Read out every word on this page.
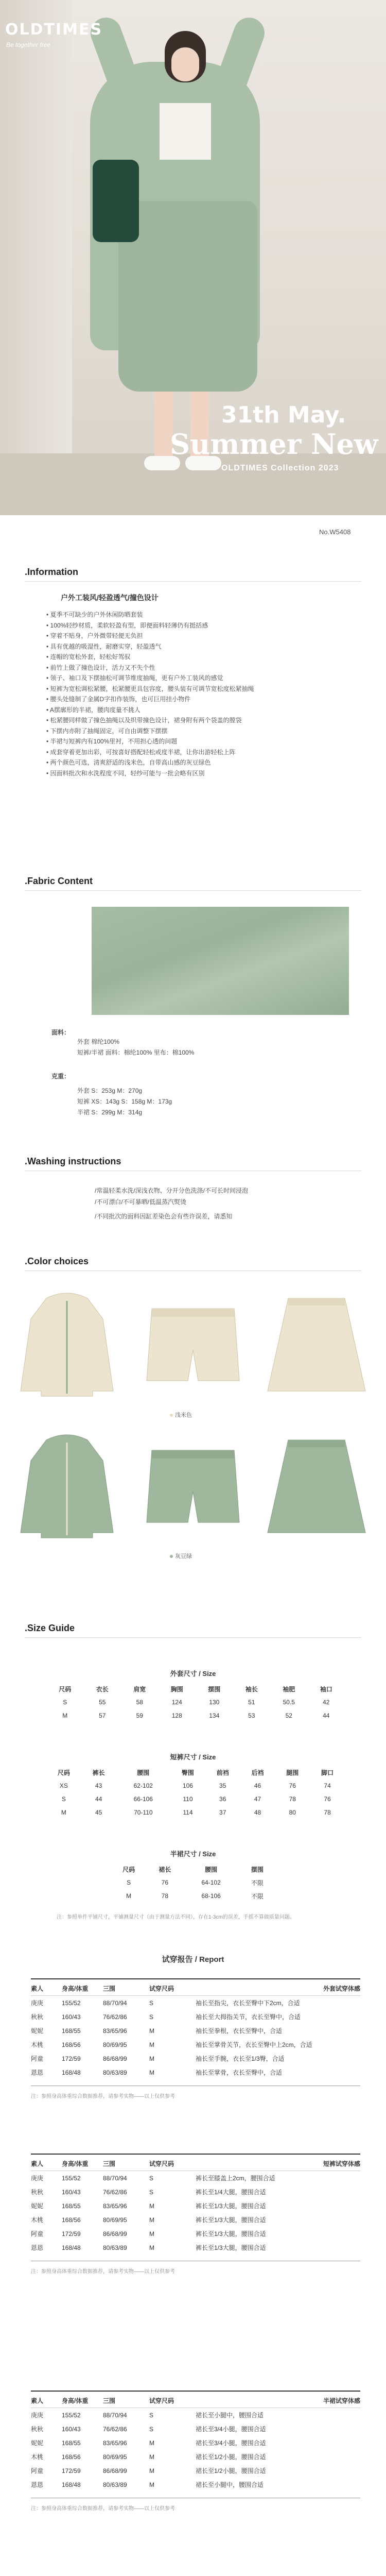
OLDTIMES
Be together free
31th May.
Summer New
OLDTIMES Collection 2023
No.W5408
.Information
户外工装风/轻盈透气/撞色设计
• 夏季不可缺少的户外休闲防晒套装
• 100%轻纱材质，柔软轻盈有型，即便面料轻薄仍有挺括感
• 穿着不贴身，户外微带轻便无负担
• 具有优越的吸湿性，耐磨实穿，轻盈透气
• 连帽的宽松外套，轻松好驾驭
• 前竹上做了撞色设计，活力又不失个性
• 领子、袖口及下摆抽松可调节维度抽绳，更有户外工装风的感觉
• 短裤为宽松调松紧腰，松紧腰更具包容度，腰头装有可调节宽松度松紧抽绳
• 腰头处缝制了金属D字扣作装饰，也可巨用挂小物件
• A摆廓形的半裙，腰肉度量不挑人
• 松紧腰同样做了撞色抽绳以及织带撞色设计，裙身附有两个袋盖的膛袋
• 下摆内亦附了抽绳固定，可自由调整下摆摆
• 半裙与短裤内有100%里衬，不用担心透的问题
• 成套穿着更加出彩，可按喜好搭配轻松或度半裙，让你出游轻松上阵
• 两个颜色可选，清爽舒适的浅米色，自带高山感的灰豆绿色
• 因面料批次和水洗程度不同，轻纱可能与一批会略有区别
.Fabric Content
面料：
外套 棉纶100%
短裤/半裙 面料：棉纶100% 里布：棉100%
克重：
外套 S：253g M：270g
短裤 XS：143g S：158g M：173g
半裙 S：299g M：314g
.Washing instructions
/常温轻柔水洗/深浅衣物、分开分色洗涤/不可长时间浸泡
/不可漂白/不可暴晒/低温蒸汽熨烫
/不同批次的面料因缸差染色会有些许误差，请悉知
.Color choices
浅米色
灰豆绿
.Size Guide
外套尺寸 / Size
尺码	衣长	肩宽	胸围	摆围	袖长	袖肥	袖口
S	55	58	124	130	51	50.5	42
M	57	59	128	134	53	52	44
短裤尺寸 / Size
尺码	裤长	腰围	臀围	前裆	后裆	腿围	脚口
XS	43	62-102	106	35	46	76	74
S	44	66-106	110	36	47	78	76
M	45	70-110	114	37	48	80	78
半裙尺寸 / Size
尺码	裙长	腰围	摆围
S	76	64-102	不限
M	78	68-106	不限
注：参照单件平铺尺寸，平铺测量尺寸（由于测量方法不同），存在1-3cm的误差，手摇不算做质量问题。
试穿报告 / Report
素人	身高/体重	三围	试穿尺码	外套试穿体感
庚庚	155/52	88/70/94	S	袖长至指尖，衣长至臀中下2cm，合适
秋秋	160/43	76/62/86	S	袖长至大拇指关节，衣长至臀中，合适
妮妮	168/55	83/65/96	M	袖长至拳根，衣长至臀中，合适
木桃	168/56	80/69/95	M	袖长至掌骨关节，衣长至臀中上2cm，合适
阿童	172/59	86/68/99	M	袖长至手腕，衣长至1/3臀，合适
恩恩	168/48	80/63/89	M	袖长至掌骨，衣长至臀中，合适
注：参照身高体重综合数据推荐，请参考实物——以上仅供参考
素人	身高/体重	三围	试穿尺码	短裤试穿体感
庚庚	155/52	88/70/94	S	裤长至膝盖上2cm，腰围合适
秋秋	160/43	76/62/86	S	裤长至1/4大腿，腰围合适
妮妮	168/55	83/65/96	M	裤长至1/3大腿，腰围合适
木桃	168/56	80/69/95	M	裤长至1/3大腿，腰围合适
阿童	172/59	86/68/99	M	裤长至1/3大腿，腰围合适
恩恩	168/48	80/63/89	M	裤长至1/3大腿，腰围合适
注：参照身高体重综合数据推荐，请参考实物——以上仅供参考
素人	身高/体重	三围	试穿尺码	半裙试穿体感
庚庚	155/52	88/70/94	S	裙长至小腿中，腰围合适
秋秋	160/43	76/62/86	S	裙长至3/4小腿，腰围合适
妮妮	168/55	83/65/96	M	裙长至3/4小腿，腰围合适
木桃	168/56	80/69/95	M	裙长至1/2小腿，腰围合适
阿童	172/59	86/68/99	M	裙长至1/2小腿，腰围合适
恩恩	168/48	80/63/89	M	裙长至小腿中，腰围合适
注：参照身高体重综合数据推荐，请参考实物——以上仅供参考
